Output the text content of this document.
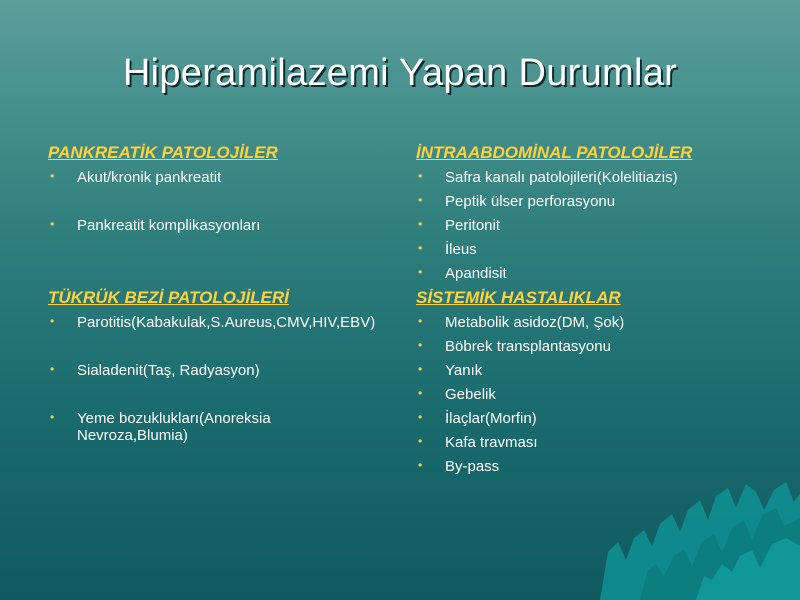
Hiperamilazemi Yapan Durumlar
PANKREATİK PATOLOJİLER
• Akut/kronik pankreatit
• Pankreatit komplikasyonları
İNTRAABDOMİNAL PATOLOJİLER
• Safra kanalı patolojileri(Kolelitiazis)
• Peptik ülser perforasyonu
• Peritonit
• İleus
• Apandisit
TÜKRÜK BEZİ PATOLOJİLERİ
• Parotitis(Kabakulak,S.Aureus,CMV,HIV,EBV)
• Sialadenit(Taş, Radyasyon)
• Yeme bozuklukları(Anoreksia Nevroza,Blumia)
SİSTEMİK HASTALIKLAR
• Metabolik asidoz(DM, Şok)
• Böbrek transplantasyonu
• Yanık
• Gebelik
• İlaçlar(Morfin)
• Kafa travması
• By-pass
